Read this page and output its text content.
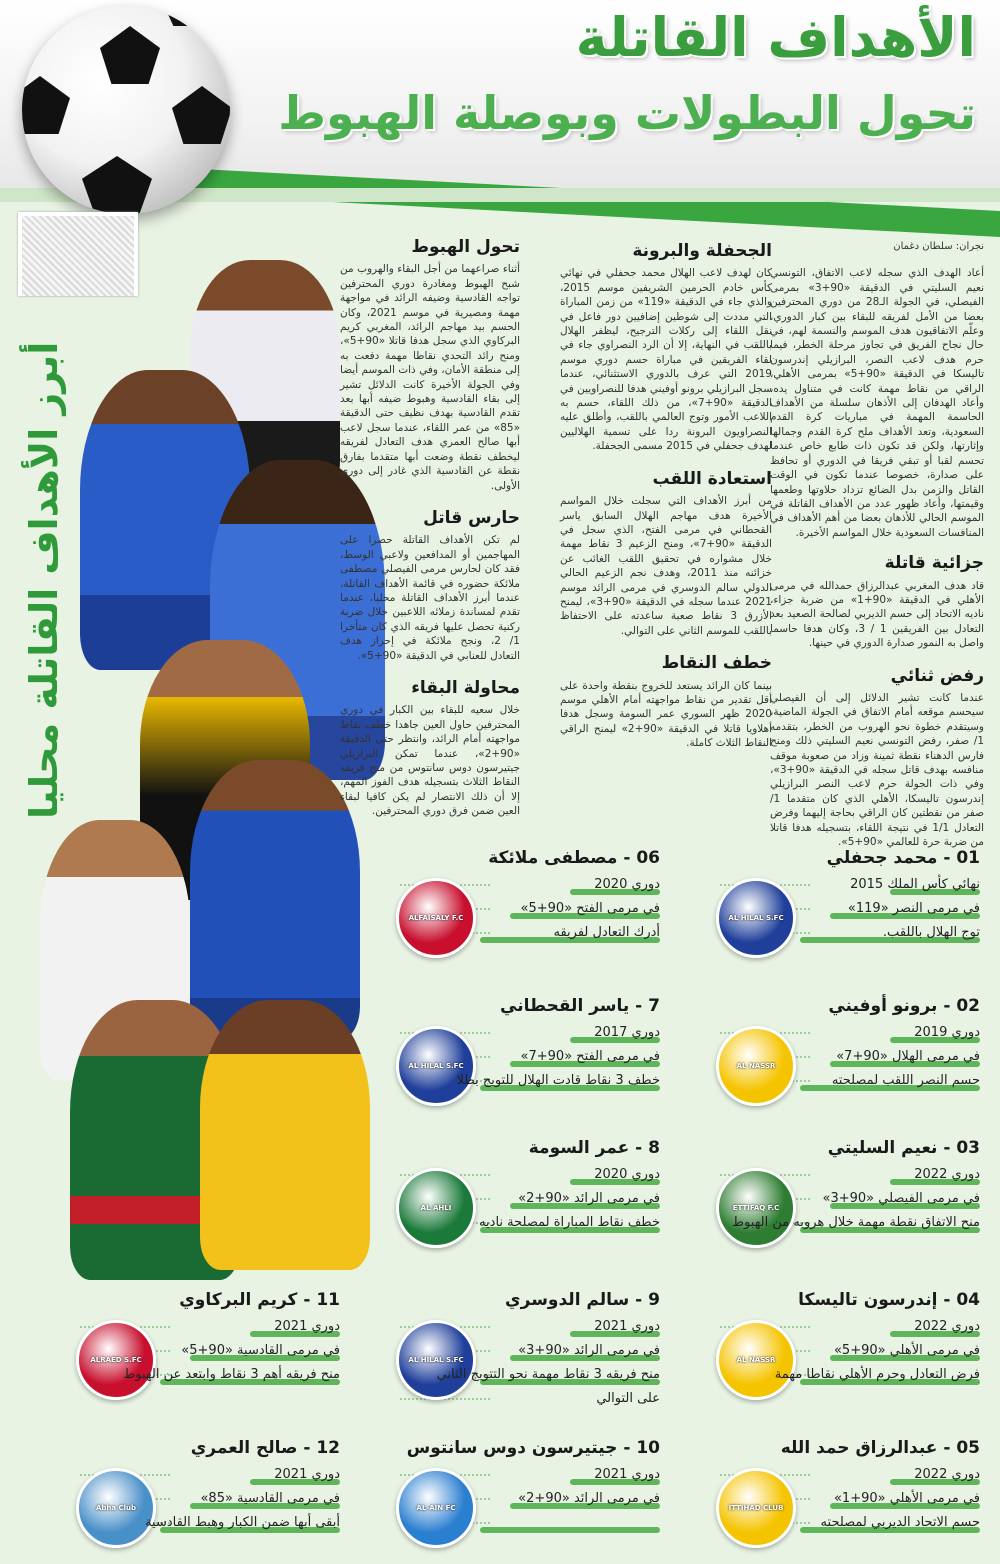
الأهداف القاتلة
تحول البطولات وبوصلة الهبوط
أبرز الأهداف القاتلة محليا
نجران: سلطان دغمان

أعاد الهدف الذي سجله لاعب الاتفاق، التونسي نعيم السليتي في الدقيقة «90+3» بمرمى الفيصلي، في الجولة الـ28 من دوري المحترفين بعضا من الأمل لفريقه للبقاء بين كبار الدوري، وعلّم الاتفاقيون هدف الموسم والنسمة لهم، في حال نجاح الفريق في تجاوز مرحلة الخطر، فيما حرم هدف لاعب النصر، البرازيلي إندرسون تاليسكا في الدقيقة «90+5» بمرمى الأهلي، الراقي من نقاط مهمة كانت في متناول يده، وأعاد الهدفان إلى الأذهان سلسلة من الأهداف الحاسمة المهمة في مباريات كرة القدم السعودية، وتعد الأهداف ملح كرة القدم وجمالها وإثارتها، ولكن قد تكون ذات طابع خاص عندما تحسم لقبا أو تبقي فريقا في الدوري أو تحافظ على صدارة، خصوصا عندما تكون في الوقت القاتل والزمن بدل الضائع تزداد حلاوتها وطعمها وقيمتها، وأعاد ظهور عدد من الأهداف القاتلة في الموسم الحالي للأذهان بعضا من أهم الأهداف في المنافسات السعودية خلال المواسم الأخيرة.

جزائية قاتلة

قاد هدف المغربي عبدالرزاق حمدالله في مرمى الأهلي في الدقيقة «90+1» من ضربة جزاء، ناديه الاتحاد إلى حسم الديربي لصالحة الصعيد بعد التعادل بين الفريقين 1 / 3، وكان هدفا حاسما واصل به النمور صدارة الدوري في حينها.

رفض ثنائي

عندما كانت تشير الدلائل إلى أن الفيصلي سيحسم موقعه أمام الاتفاق في الجولة الماضية، وسيتقدم خطوة نحو الهروب من الخطر، بتقدمه 1/ صفر، رفض التونسي نعيم السليتي ذلك ومنح فارس الدهناء نقطة ثمينة وزاد من صعوبة موقف منافسه بهدف قاتل سجله في الدقيقة «90+3»، وفي ذات الجولة حرم لاعب النصر البرازيلي إندرسون تاليسكا، الأهلي الذي كان متقدما 1/ صفر من نقطتين كان الراقي بحاجة إليهما وفرض التعادل 1/1 في نتيجة اللقاء، بتسجيله هدفا قاتلا من ضربة حرة للعالمي «90+5».

الجحفلة والبرونة

كان لهدف لاعب الهلال محمد جحفلي في نهائي كأس خادم الحرمين الشريفين موسم 2015، والذي جاء في الدقيقة «119» من زمن المباراة التي مددت إلى شوطين إضافيين دور فاعل في نقل اللقاء إلى ركلات الترجيح، ليظفر الهلال باللقب في النهاية، إلا أن الرد النصراوي جاء في لقاء الفريقين في مباراة حسم دوري موسم 2019 التي عرف بالدوري الاستثنائي، عندما سجل البرازيلي برونو أوفيني هدفا للنصراويين في الدقيقة «90+7»، من ذلك اللقاء، حسم به اللاعب الأمور وتوج العالمي باللقب، وأطلق عليه النصراويون البرونة ردا على تسمية الهلاليين لهدف جحفلي في 2015 مسمى الجحفلة.

استعادة اللقب

من أبرز الأهداف التي سجلت خلال المواسم الأخيرة هدف مهاجم الهلال السابق ياسر القحطاني في مرمى الفتح، الذي سجل في الدقيقة «90+7»، ومنح الزعيم 3 نقاط مهمة خلال مشواره في تحقيق اللقب الغائب عن خزائنه منذ 2011، وهدف نجم الزعيم الحالي الدولي سالم الدوسري في مرمى الرائد موسم 2021 عندما سجله في الدقيقة «90+3»، ليمنح الأزرق 3 نقاط صعبة ساعدته على الاحتفاظ باللقب للموسم الثاني على التوالي.

خطف النقاط

بينما كان الرائد يستعد للخروج بنقطة واحدة على أقل تقدير من نقاط مواجهته أمام الأهلي موسم 2020 ظهر السوري عمر السومة وسجل هدفا أهلاويا قاتلا في الدقيقة «90+2» ليمنح الراقي النقاط الثلاث كاملة.

تحول الهبوط

أثناء صراعهما من أجل البقاء والهروب من شبح الهبوط ومغادرة دوري المحترفين تواجه القادسية وضيفه الرائد في مواجهة مهمة ومصيرية في موسم 2021، وكان الحسم بيد مهاجم الرائد، المغربي كريم البركاوي الذي سجل هدفا قاتلا «90+5»، ومنح رائد التحدي نقاطا مهمة دفعت به إلى منطقة الأمان، وفي ذات الموسم أيضا وفي الجولة الأخيرة كانت الدلائل تشير إلى بقاء القادسية وهبوط ضيفه أبها بعد تقدم القادسية بهدف نظيف حتى الدقيقة «85» من عمر اللقاء، عندما سجل لاعب أبها صالح العمري هدف التعادل لفريقه ليخطف نقطة وضعت أبها متقدما بفارق نقطة عن القادسية الذي غادر إلى دوري الأولى.

حارس قاتل

لم تكن الأهداف القاتلة حصرا على المهاجمين أو المدافعين ولاعبي الوسط، فقد كان لحارس مرمى الفيصلي مصطفى ملائكة حضوره في قائمة الأهداف القاتلة، عندما أبرز الأهداف القاتلة محليا، عندما تقدم لمساندة زملائه اللاعبين خلال ضربة ركنية تحصل عليها فريقه الذي كان متأخرا 1/ 2، ونجح ملائكة في إحراز هدف التعادل للعنابي في الدقيقة «90+5».

محاولة البقاء

خلال سعيه للبقاء بين الكبار في دوري المحترفين حاول العين جاهدا خطف نقاط مواجهته أمام الرائد، وانتظر حتى الدقيقة «90+2»، عندما تمكن البرازيلي جيتيرسون دوس سانتوس من منح فريقه النقاط الثلاث بتسجيله هدف الفوز المهم، إلا أن ذلك الانتصار لم يكن كافيا لبقاء العين ضمن فرق دوري المحترفين.

01 - محمد جحفلي
نهائي كأس الملك 2015
في مرمى النصر «119»
توج الهلال باللقب.
AL HILAL S.FC
02 - برونو أوفيني
دوري 2019
في مرمى الهلال «90+7»
حسم النصر اللقب لمصلحته
AL NASSR
03 - نعيم السليتي
دوري 2022
في مرمى الفيصلي «90+3»
منح الاتفاق نقطة مهمة خلال هروبه من الهبوط
ETTIFAQ F.C
04 - إندرسون تاليسكا
دوري 2022
في مرمى الأهلي «90+5»
فرض التعادل وحرم الأهلي نقاطا مهمة
AL NASSR
05 - عبدالرزاق حمد الله
دوري 2022
في مرمى الأهلي «90+1»
حسم الاتحاد الديربي لمصلحته
ITTIHAD CLUB
06 - مصطفى ملائكة
دوري 2020
في مرمى الفتح «90+5»
أدرك التعادل لفريقه
ALFAISALY F.C
7 - ياسر القحطاني
دوري 2017
في مرمى الفتح «90+7»
خطف 3 نقاط قادت الهلال للتويج بطلا
AL HILAL S.FC
8 - عمر السومة
دوري 2020
في مرمى الرائد «90+2»
خطف نقاط المباراة لمصلحة ناديه
AL AHLI
9 - سالم الدوسري
دوري 2021
في مرمى الرائد «90+3»
منح فريقه 3 نقاط مهمة نحو التتويج الثاني
على التوالي
AL HILAL S.FC
10 - جيتيرسون دوس سانتوس
دوري 2021
في مرمى الرائد «90+2»
AL-AIN FC
11 - كريم البركاوي
دوري 2021
في مرمى القادسية «90+5»
منح فريقه أهم 3 نقاط وابتعد عن الهبوط
ALRAED S.FC
12 - صالح العمري
دوري 2021
في مرمى القادسية «85»
أبقى أبها ضمن الكبار وهبط القادسية
Abha Club
